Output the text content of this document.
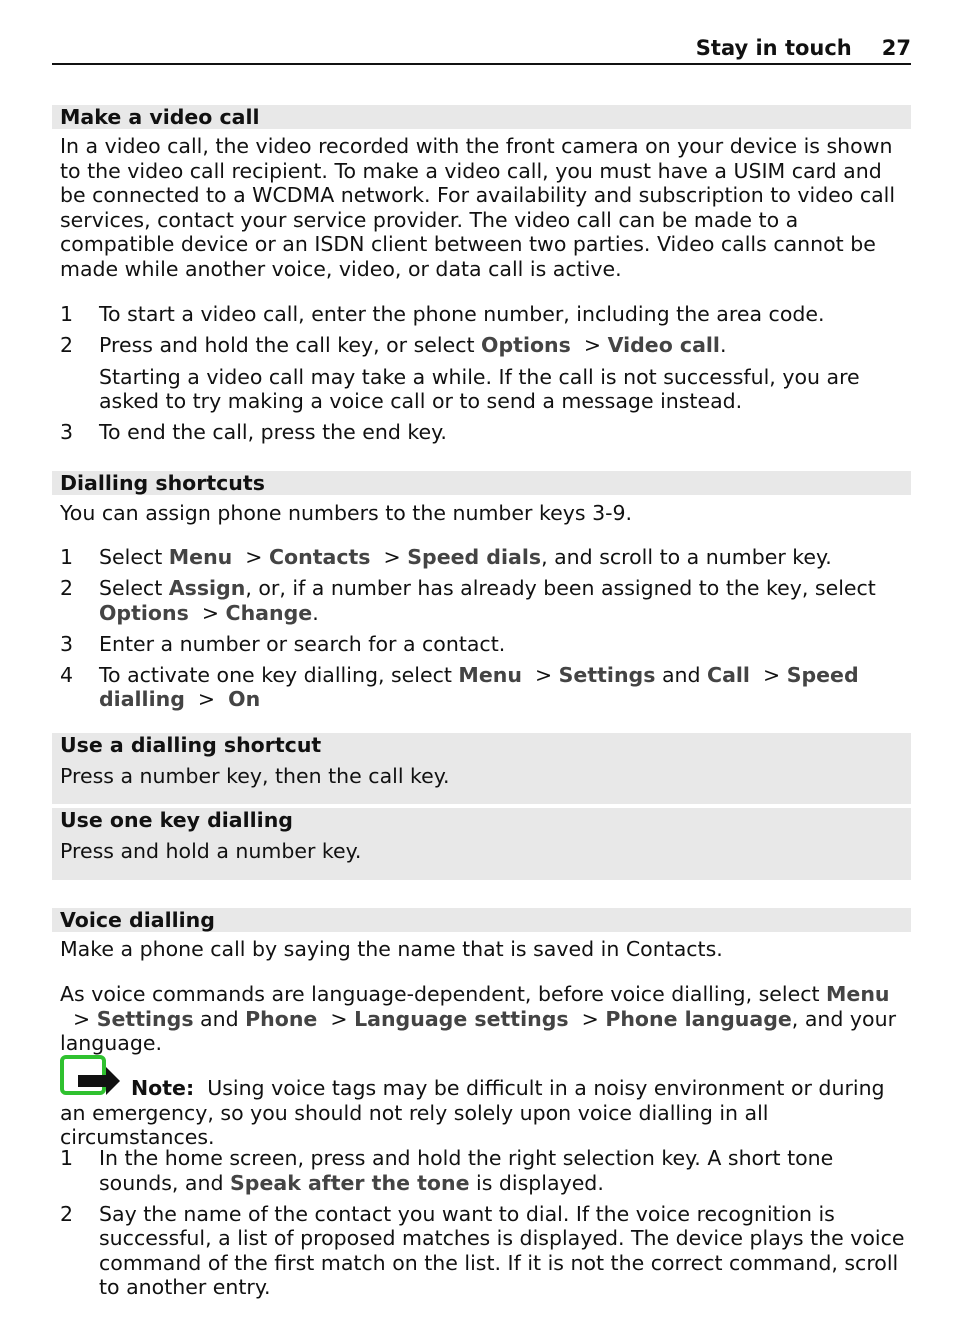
Stay in touch 27
Make a video call
In a video call, the video recorded with the front camera on your device is shown to the video call recipient. To make a video call, you must have a USIM card and be connected to a WCDMA network. For availability and subscription to video call services, contact your service provider. The video call can be made to a compatible device or an ISDN client between two parties. Video calls cannot be made while another voice, video, or data call is active.
1 To start a video call, enter the phone number, including the area code.
2 Press and hold the call key, or select Options  > Video call.
Starting a video call may take a while. If the call is not successful, you are asked to try making a voice call or to send a message instead.
3 To end the call, press the end key.
Dialling shortcuts
You can assign phone numbers to the number keys 3-9.
1 Select Menu  > Contacts  > Speed dials, and scroll to a number key.
2 Select Assign, or, if a number has already been assigned to the key, select Options  > Change.
3 Enter a number or search for a contact.
4 To activate one key dialling, select Menu  > Settings and Call  > Speed dialling  >  On
Use a dialling shortcut
Press a number key, then the call key.
Use one key dialling
Press and hold a number key.
Voice dialling
Make a phone call by saying the name that is saved in Contacts.
As voice commands are language-dependent, before voice dialling, select Menu  > Settings and Phone  > Language settings  > Phone language, and your language.
Note:  Using voice tags may be difficult in a noisy environment or during an emergency, so you should not rely solely upon voice dialling in all circumstances.
1 In the home screen, press and hold the right selection key. A short tone sounds, and Speak after the tone is displayed.
2 Say the name of the contact you want to dial. If the voice recognition is successful, a list of proposed matches is displayed. The device plays the voice command of the first match on the list. If it is not the correct command, scroll to another entry.
